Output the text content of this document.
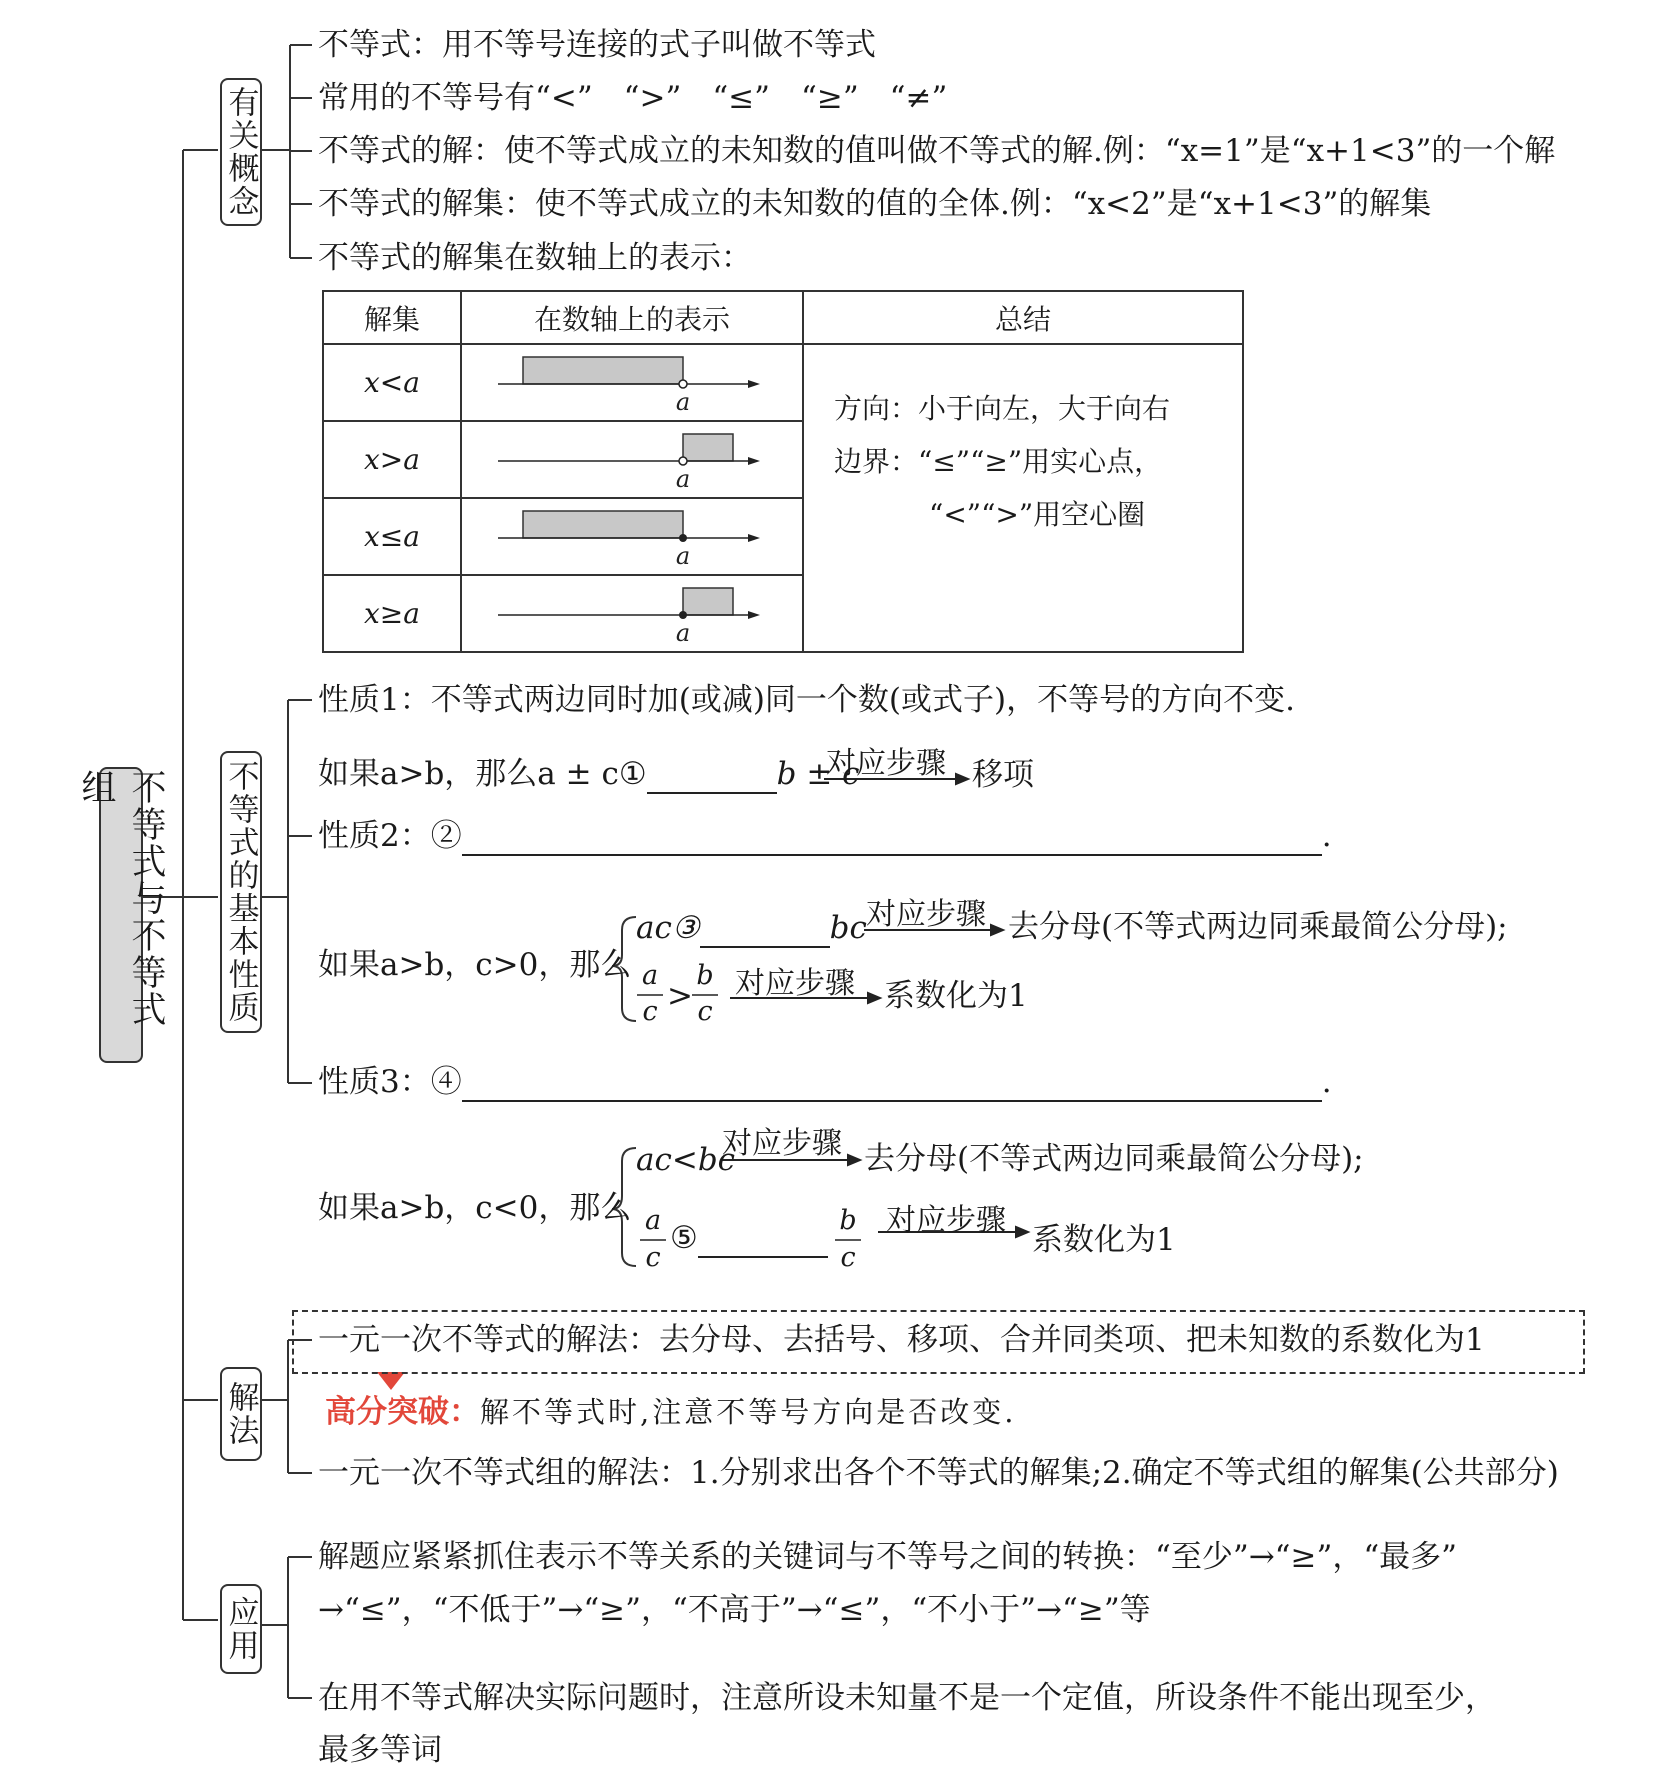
不等式与不等式组
有关概念
不等式的基本性质
解法
应用
不等式：用不等号连接的式子叫做不等式
常用的不等号有“<”　“>”　“≤”　“≥”　“≠”
不等式的解：使不等式成立的未知数的值叫做不等式的解.例：“x=1”是“x+1<3”的一个解
不等式的解集：使不等式成立的未知数的值的全体.例：“x<2”是“x+1<3”的解集
不等式的解集在数轴上的表示：
解集	在数轴上的表示	总结
x<a	a	方向：小于向左，大于向右
边界：“≤”“≥”用实心点，
“<”“>”用空心圈

x>a	a	

x≤a	a	

x≥a	a	
性质1：不等式两边同时加(或减)同一个数(或式子)，不等号的方向不变.
如果a>b，那么a ± c①	b ± c
对应步骤 移项
性质2：②	.
如果a>b，c>0，那么
ac③	bc 对应步骤 去分母(不等式两边同乘最简公分母);
a
c >
b
c
对应步骤 系数化为1
性质3：④	.
如果a>b，c<0，那么
ac<bc
对应步骤 去分母(不等式两边同乘最简公分母);
a
c
⑤	b
c
对应步骤
系数化为1
一元一次不等式的解法：去分母、去括号、移项、合并同类项、把未知数的系数化为1
高分突破：解不等式时,注意不等号方向是否改变.
一元一次不等式组的解法：1.分别求出各个不等式的解集;2.确定不等式组的解集(公共部分)
解题应紧紧抓住表示不等关系的关键词与不等号之间的转换：“至少”→“≥”，“最多”
→“≤”，“不低于”→“≥”，“不高于”→“≤”，“不小于”→“≥”等
在用不等式解决实际问题时，注意所设未知量不是一个定值，所设条件不能出现至少，
最多等词
